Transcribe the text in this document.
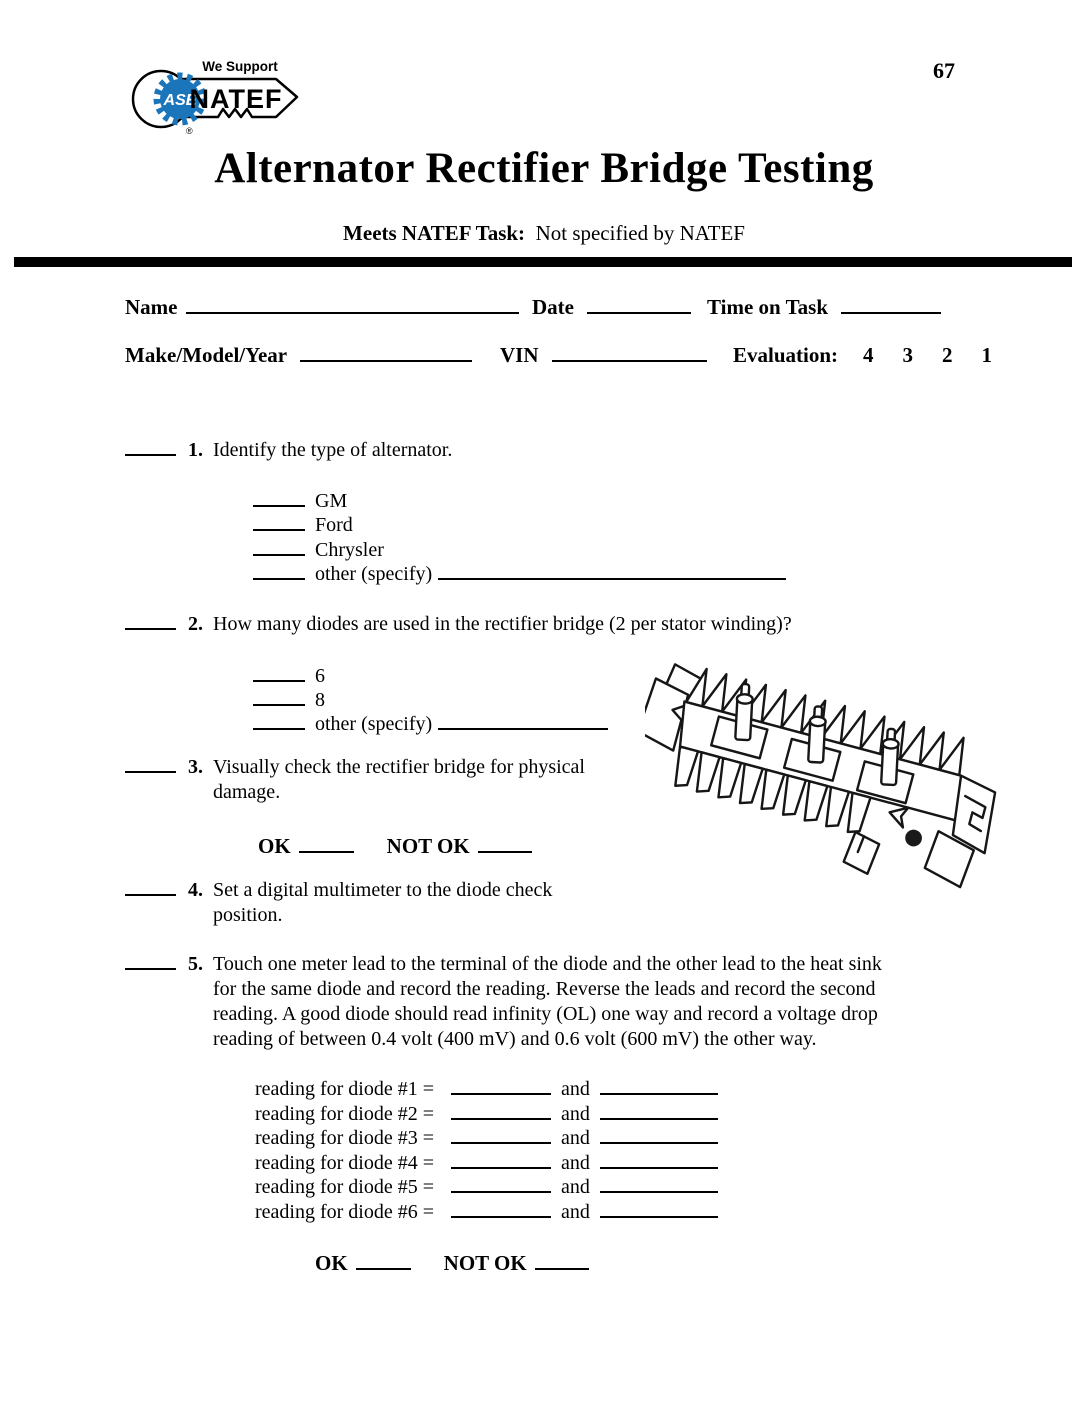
ASE
We Support
NATEF
®
67
Alternator Rectifier Bridge Testing
Meets NATEF Task: Not specified by NATEF
Name	Date	Time on Task
Make/Model/Year	VIN	Evaluation: 4 3 2 1
1. Identify the type of alternator.
GM
Ford
Chrysler
other (specify)
2. How many diodes are used in the rectifier bridge (2 per stator winding)?
6
8
other (specify)
3. Visually check the rectifier bridge for physical
damage.
OK	NOT OK
4. Set a digital multimeter to the diode check
position.
5. Touch one meter lead to the terminal of the diode and the other lead to the heat sink
for the same diode and record the reading. Reverse the leads and record the second
reading. A good diode should read infinity (OL) one way and record a voltage drop
reading of between 0.4 volt (400 mV) and 0.6 volt (600 mV) the other way.
reading for diode #1 =	and
reading for diode #2 =	and
reading for diode #3 =	and
reading for diode #4 =	and
reading for diode #5 =	and
reading for diode #6 =	and
OK	NOT OK
